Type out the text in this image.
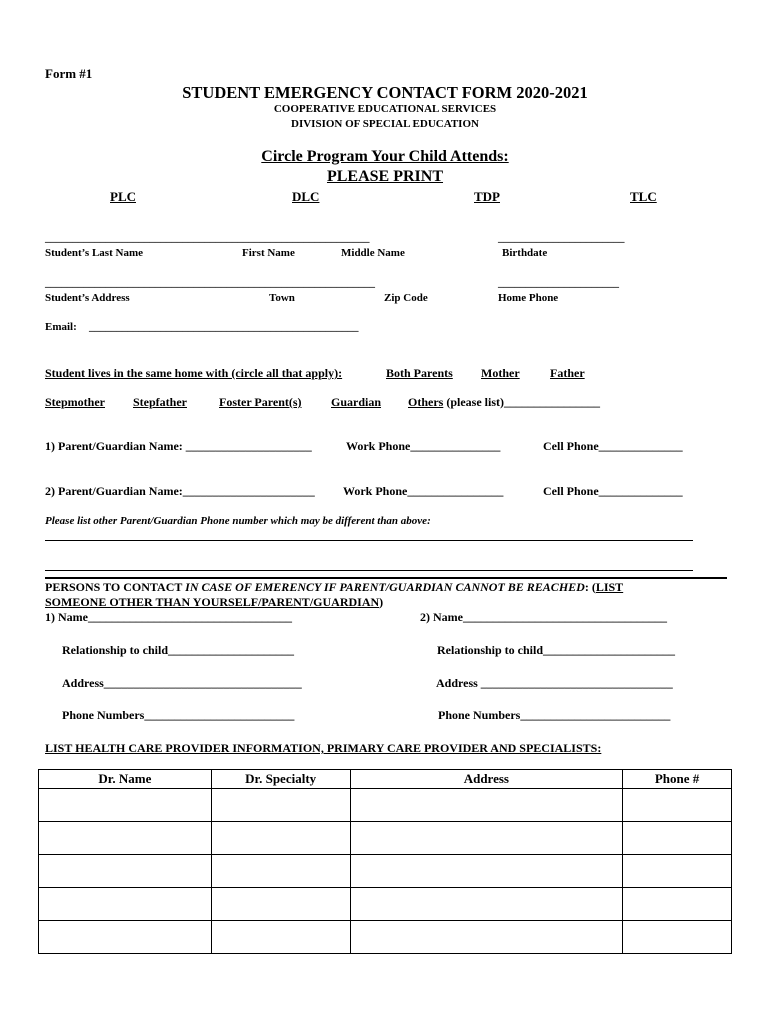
Form #1
STUDENT EMERGENCY CONTACT FORM 2020-2021
COOPERATIVE EDUCATIONAL SERVICES
DIVISION OF SPECIAL EDUCATION
Circle Program Your Child Attends:
PLEASE PRINT
PLC	DLC	TDP	TLC
___________________________________________________________	_______________________
Student’s Last Name	First Name	Middle Name	Birthdate
____________________________________________________________	______________________
Student’s Address	Town	Zip Code	Home Phone
Email: _________________________________________________
Student lives in the same home with (circle all that apply):	Both Parents Mother	Father
Stepmother Stepfather	Foster Parent(s) Guardian Others (please list)________________
1) Parent/Guardian Name: _____________________	Work Phone_______________	Cell Phone______________
2) Parent/Guardian Name:______________________ Work Phone________________	Cell Phone______________
Please list other Parent/Guardian Phone number which may be different than above:
PERSONS TO CONTACT IN CASE OF EMERENCY IF PARENT/GUARDIAN CANNOT BE REACHED: (LIST
SOMEONE OTHER THAN YOURSELF/PARENT/GUARDIAN)
1) Name__________________________________	2) Name__________________________________
Relationship to child_____________________	Relationship to child______________________
Address_________________________________	Address ________________________________
Phone Numbers_________________________	Phone Numbers_________________________
LIST HEALTH CARE PROVIDER INFORMATION, PRIMARY CARE PROVIDER AND SPECIALISTS:
Dr. Name	Dr. Specialty	Address	Phone #
